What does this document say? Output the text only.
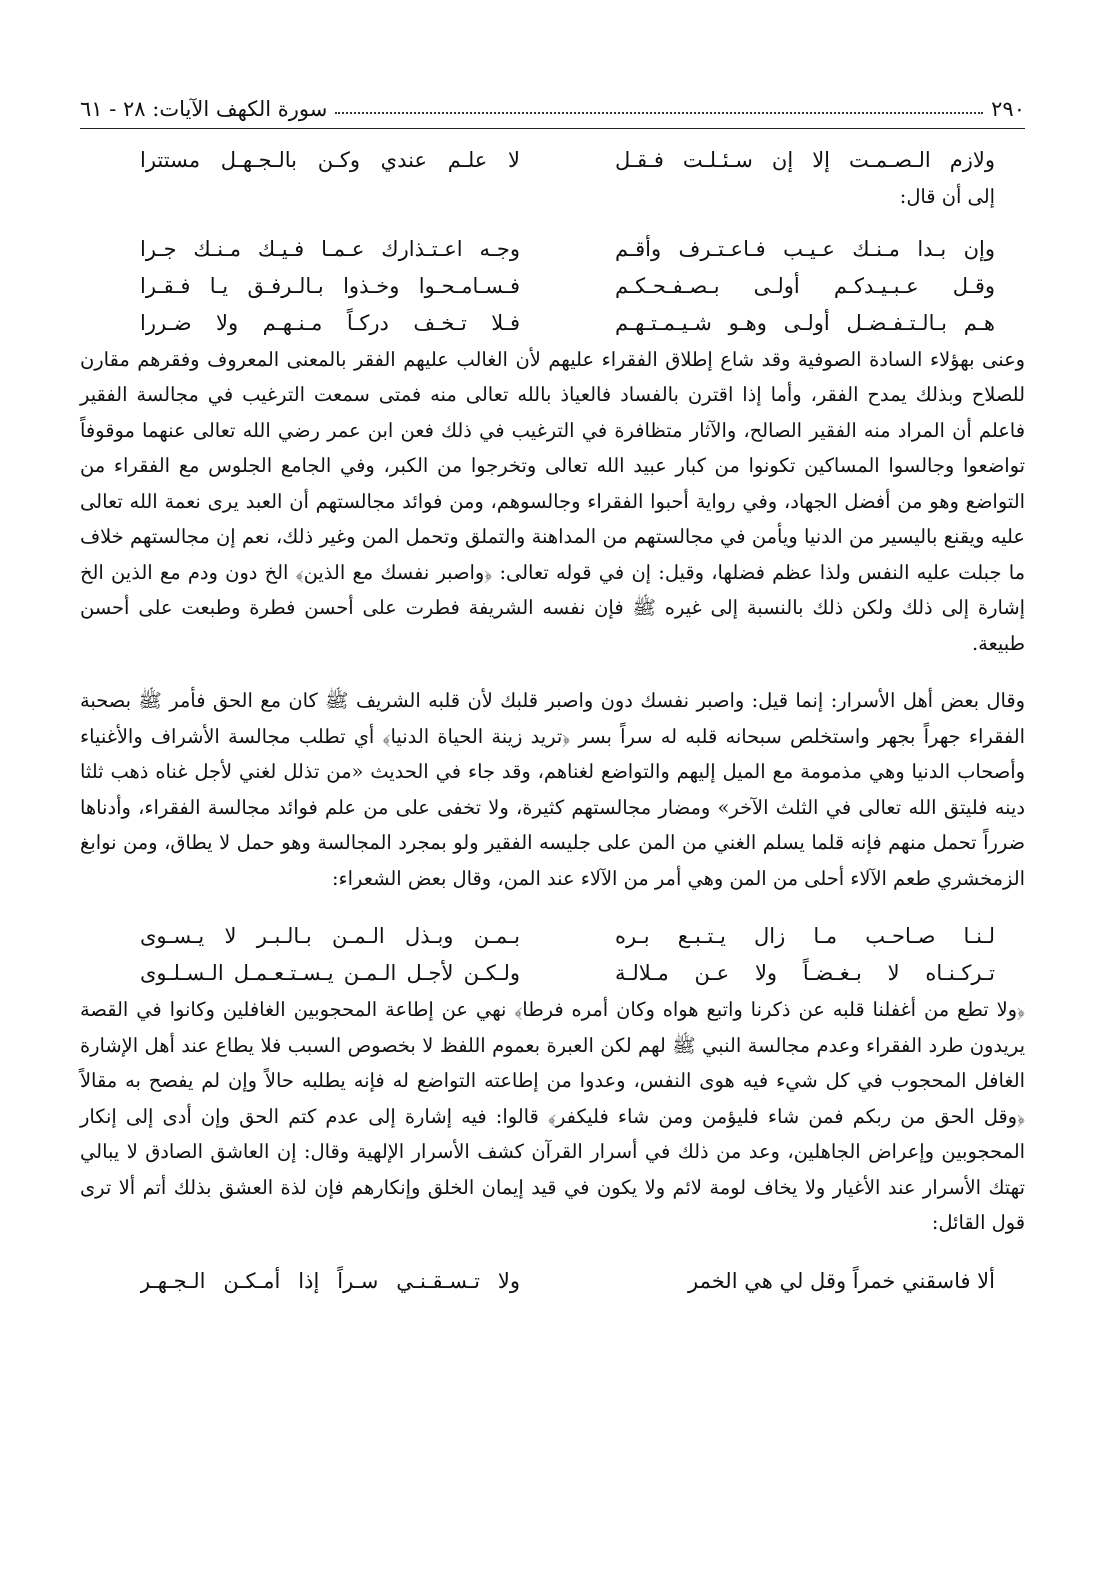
٢٩٠
سورة الكهف الآيات: ٢٨ - ٦١
ولازم الـصـمـت إلا إن سـئـلـت فـقـل
لا علـم عندي وكـن بالـجـهـل مستترا
إلى أن قال:
وإن بـدا مـنـك عـيـب فـاعـتـرف وأقـم
وجـه اعـتـذارك عـمـا فـيـك مـنـك جـرا
وقـل عـبـيـدكـم أولـى بـصـفـحـكـم
فـسـامـحـوا وخـذوا بـالـرفـق يـا فـقـرا
هـم بـالـتـفـضـل أولـى وهـو شـيـمـتـهـم
فـلا تـخـف دركـاً مـنـهـم ولا ضـررا

وعنى بهؤلاء السادة الصوفية وقد شاع إطلاق الفقراء عليهم لأن الغالب عليهم الفقر بالمعنى المعروف وفقرهم مقارن للصلاح وبذلك يمدح الفقر، وأما إذا اقترن بالفساد فالعياذ بالله تعالى منه فمتى سمعت الترغيب في مجالسة الفقير فاعلم أن المراد منه الفقير الصالح، والآثار متظافرة في الترغيب في ذلك فعن ابن عمر رضي الله تعالى عنهما موقوفاً تواضعوا وجالسوا المساكين تكونوا من كبار عبيد الله تعالى وتخرجوا من الكبر، وفي الجامع الجلوس مع الفقراء من التواضع وهو من أفضل الجهاد، وفي رواية أحبوا الفقراء وجالسوهم، ومن فوائد مجالستهم أن العبد يرى نعمة الله تعالى عليه ويقنع باليسير من الدنيا ويأمن في مجالستهم من المداهنة والتملق وتحمل المن وغير ذلك، نعم إن مجالستهم خلاف ما جبلت عليه النفس ولذا عظم فضلها، وقيل: إن في قوله تعالى: ﴿واصبر نفسك مع الذين﴾ الخ دون ودم مع الذين الخ إشارة إلى ذلك ولكن ذلك بالنسبة إلى غيره ﷺ فإن نفسه الشريفة فطرت على أحسن فطرة وطبعت على أحسن طبيعة.

وقال بعض أهل الأسرار: إنما قيل: واصبر نفسك دون واصبر قلبك لأن قلبه الشريف ﷺ كان مع الحق فأمر ﷺ بصحبة الفقراء جهراً بجهر واستخلص سبحانه قلبه له سراً بسر ﴿تريد زينة الحياة الدنيا﴾ أي تطلب مجالسة الأشراف والأغنياء وأصحاب الدنيا وهي مذمومة مع الميل إليهم والتواضع لغناهم، وقد جاء في الحديث «من تذلل لغني لأجل غناه ذهب ثلثا دينه فليتق الله تعالى في الثلث الآخر» ومضار مجالستهم كثيرة، ولا تخفى على من علم فوائد مجالسة الفقراء، وأدناها ضرراً تحمل منهم فإنه قلما يسلم الغني من المن على جليسه الفقير ولو بمجرد المجالسة وهو حمل لا يطاق، ومن نوابغ الزمخشري طعم الآلاء أحلى من المن وهي أمر من الآلاء عند المن، وقال بعض الشعراء:

لـنـا صـاحـب مـا زال يـتـبـع بـره
بـمـن وبـذل الـمـن بـالـبـر لا يـسـوى
تـركـنـاه لا بـغـضـاً ولا عـن مـلالـة
ولـكـن لأجـل الـمـن يـسـتـعـمـل الـسـلـوى

﴿ولا تطع من أغفلنا قلبه عن ذكرنا واتبع هواه وكان أمره فرطا﴾ نهي عن إطاعة المحجوبين الغافلين وكانوا في القصة يريدون طرد الفقراء وعدم مجالسة النبي ﷺ لهم لكن العبرة بعموم اللفظ لا بخصوص السبب فلا يطاع عند أهل الإشارة الغافل المحجوب في كل شيء فيه هوى النفس، وعدوا من إطاعته التواضع له فإنه يطلبه حالاً وإن لم يفصح به مقالاً ﴿وقل الحق من ربكم فمن شاء فليؤمن ومن شاء فليكفر﴾ قالوا: فيه إشارة إلى عدم كتم الحق وإن أدى إلى إنكار المحجوبين وإعراض الجاهلين، وعد من ذلك في أسرار القرآن كشف الأسرار الإلهية وقال: إن العاشق الصادق لا يبالي تهتك الأسرار عند الأغيار ولا يخاف لومة لائم ولا يكون في قيد إيمان الخلق وإنكارهم فإن لذة العشق بذلك أتم ألا ترى قول القائل:

ألا فاسقني خمراً وقل لي هي الخمر
ولا تـسـقـنـي سـراً إذا أمـكـن الـجـهـر
